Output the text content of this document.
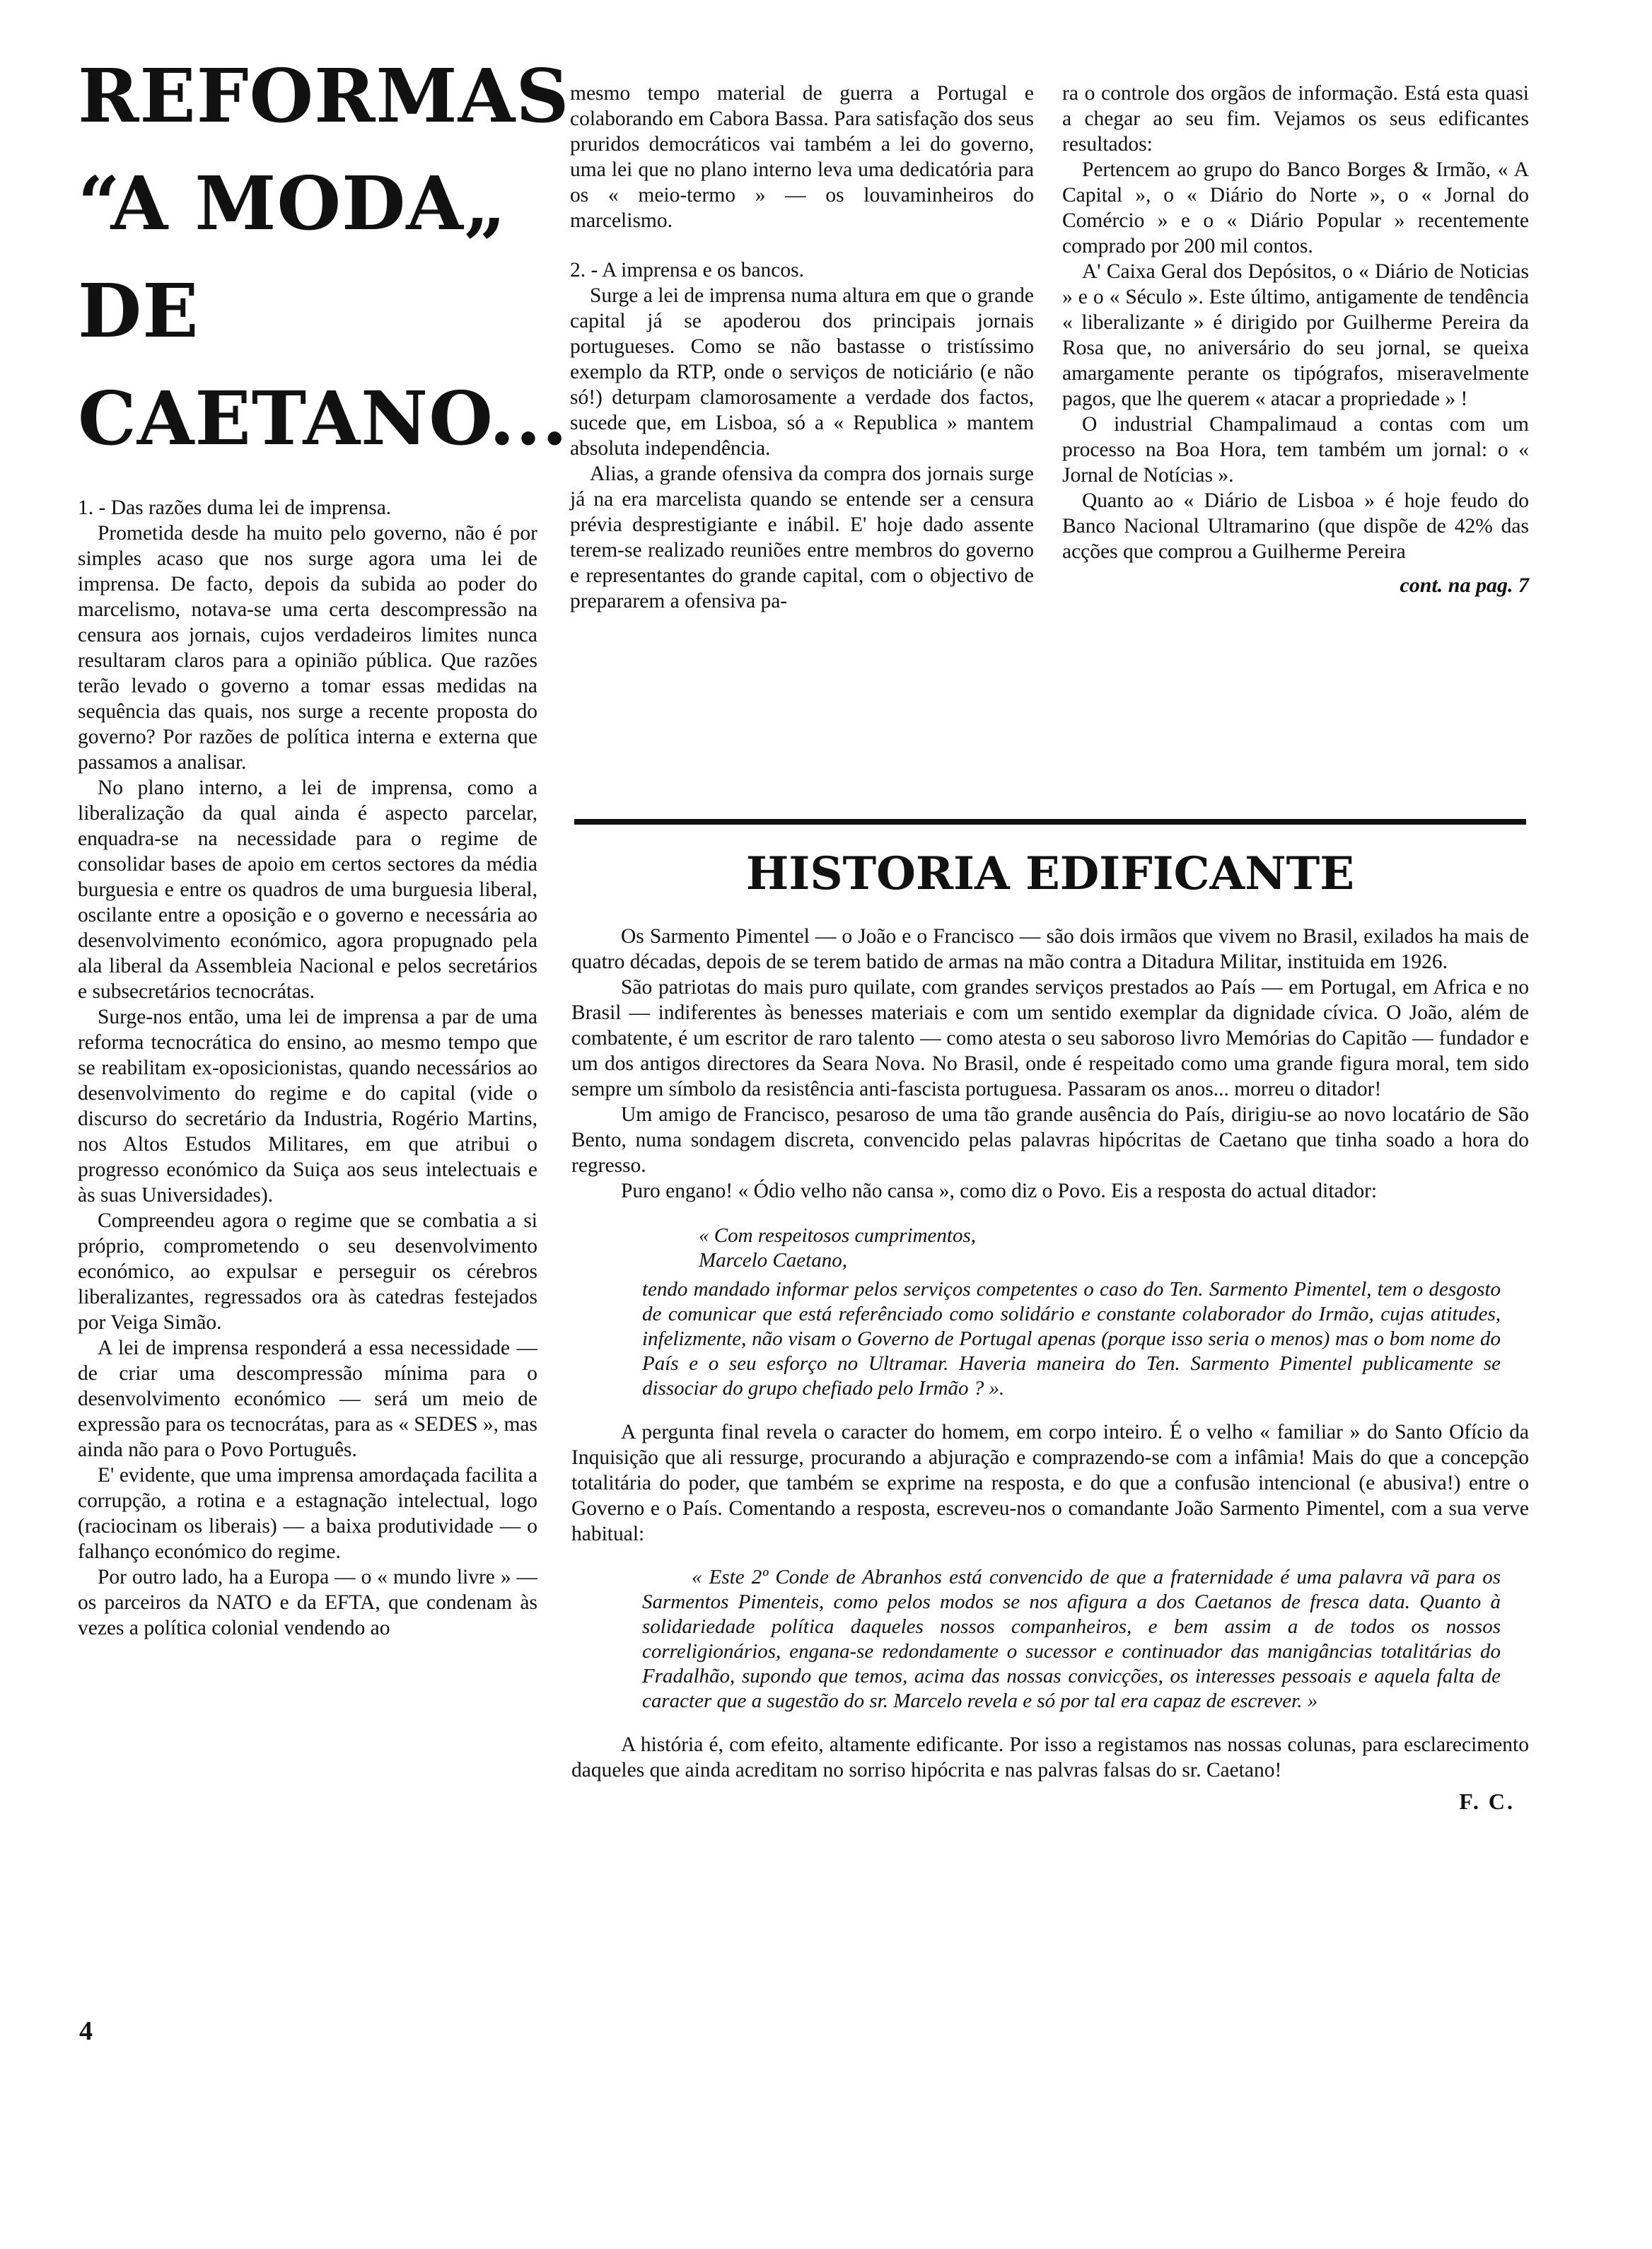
REFORMAS
“A MODA„
DE
CAETANO...

1. - Das razões duma lei de imprensa.

Prometida desde ha muito pelo governo, não é por simples acaso que nos surge agora uma lei de imprensa. De facto, depois da subida ao poder do marcelismo, notava-se uma certa descompressão na censura aos jornais, cujos verdadeiros limites nunca resultaram claros para a opinião pública. Que razões terão levado o governo a tomar essas medidas na sequência das quais, nos surge a recente proposta do governo? Por razões de política interna e externa que passamos a analisar.

No plano interno, a lei de imprensa, como a liberalização da qual ainda é aspecto parcelar, enquadra-se na necessidade para o regime de consolidar bases de apoio em certos sectores da média burguesia e entre os quadros de uma burguesia liberal, oscilante entre a oposição e o governo e necessária ao desenvolvimento económico, agora propugnado pela ala liberal da Assembleia Nacional e pelos secretários e subsecretários tecnocrátas.

Surge-nos então, uma lei de imprensa a par de uma reforma tecnocrática do ensino, ao mesmo tempo que se reabilitam ex-oposicionistas, quando necessários ao desenvolvimento do regime e do capital (vide o discurso do secretário da Industria, Rogério Martins, nos Altos Estudos Militares, em que atribui o progresso económico da Suiça aos seus intelectuais e às suas Universidades).

Compreendeu agora o regime que se combatia a si próprio, comprometendo o seu desenvolvimento económico, ao expulsar e perseguir os cérebros liberalizantes, regressados ora às catedras festejados por Veiga Simão.

A lei de imprensa responderá a essa necessidade — de criar uma descompressão mínima para o desenvolvimento económico — será um meio de expressão para os tecnocrátas, para as « SEDES », mas ainda não para o Povo Português.

E' evidente, que uma imprensa amordaçada facilita a corrupção, a rotina e a estagnação intelectual, logo (raciocinam os liberais) — a baixa produtividade — o falhanço económico do regime.

Por outro lado, ha a Europa — o « mundo livre » — os parceiros da NATO e da EFTA, que condenam às vezes a política colonial vendendo ao

mesmo tempo material de guerra a Portugal e colaborando em Cabora Bassa. Para satisfação dos seus pruridos democráticos vai também a lei do governo, uma lei que no plano interno leva uma dedicatória para os « meio-termo » — os louvaminheiros do marcelismo.

2. - A imprensa e os bancos.

Surge a lei de imprensa numa altura em que o grande capital já se apoderou dos principais jornais portugueses. Como se não bastasse o tristíssimo exemplo da RTP, onde o serviços de noticiário (e não só!) deturpam clamorosamente a verdade dos factos, sucede que, em Lisboa, só a « Republica » mantem absoluta independência.

Alias, a grande ofensiva da compra dos jornais surge já na era marcelista quando se entende ser a censura prévia desprestigiante e inábil. E' hoje dado assente terem-se realizado reuniões entre membros do governo e representantes do grande capital, com o objectivo de prepararem a ofensiva pa-

ra o controle dos orgãos de informação. Está esta quasi a chegar ao seu fim. Vejamos os seus edificantes resultados:

Pertencem ao grupo do Banco Borges & Irmão, « A Capital », o « Diário do Norte », o « Jornal do Comércio » e o « Diário Popular » recentemente comprado por 200 mil contos.

A' Caixa Geral dos Depósitos, o « Diário de Noticias » e o « Século ». Este último, antigamente de tendência « liberalizante » é dirigido por Guilherme Pereira da Rosa que, no aniversário do seu jornal, se queixa amargamente perante os tipógrafos, miseravelmente pagos, que lhe querem « atacar a propriedade » !

O industrial Champalimaud a contas com um processo na Boa Hora, tem também um jornal: o « Jornal de Notícias ».

Quanto ao « Diário de Lisboa » é hoje feudo do Banco Nacional Ultramarino (que dispõe de 42% das acções que comprou a Guilherme Pereira

cont. na pag. 7
HISTORIA EDIFICANTE

Os Sarmento Pimentel — o João e o Francisco — são dois irmãos que vivem no Brasil, exilados ha mais de quatro décadas, depois de se terem batido de armas na mão contra a Ditadura Militar, instituida em 1926.

São patriotas do mais puro quilate, com grandes serviços prestados ao País — em Portugal, em Africa e no Brasil — indiferentes às benesses materiais e com um sentido exemplar da dignidade cívica. O João, além de combatente, é um escritor de raro talento — como atesta o seu saboroso livro Memórias do Capitão — fundador e um dos antigos directores da Seara Nova. No Brasil, onde é respeitado como uma grande figura moral, tem sido sempre um símbolo da resistência anti-fascista portuguesa. Passaram os anos... morreu o ditador!

Um amigo de Francisco, pesaroso de uma tão grande ausência do País, dirigiu-se ao novo locatário de São Bento, numa sondagem discreta, convencido pelas palavras hipócritas de Caetano que tinha soado a hora do regresso.

Puro engano! « Ódio velho não cansa », como diz o Povo. Eis a resposta do actual ditador:

« Com respeitosos cumprimentos,

Marcelo Caetano,

tendo mandado informar pelos serviços competentes o caso do Ten. Sarmento Pimentel, tem o desgosto de comunicar que está referênciado como solidário e constante colaborador do Irmão, cujas atitudes, infelizmente, não visam o Governo de Portugal apenas (porque isso seria o menos) mas o bom nome do País e o seu esforço no Ultramar. Haveria maneira do Ten. Sarmento Pimentel publicamente se dissociar do grupo chefiado pelo Irmão ? ».

A pergunta final revela o caracter do homem, em corpo inteiro. É o velho « familiar » do Santo Ofício da Inquisição que ali ressurge, procurando a abjuração e comprazendo-se com a infâmia! Mais do que a concepção totalitária do poder, que também se exprime na resposta, e do que a confusão intencional (e abusiva!) entre o Governo e o País. Comentando a resposta, escreveu-nos o comandante João Sarmento Pimentel, com a sua verve habitual:

« Este 2º Conde de Abranhos está convencido de que a fraternidade é uma palavra vã para os Sarmentos Pimenteis, como pelos modos se nos afigura a dos Caetanos de fresca data. Quanto à solidariedade política daqueles nossos companheiros, e bem assim a de todos os nossos correligionários, engana-se redondamente o sucessor e continuador das manigâncias totalitárias do Fradalhão, supondo que temos, acima das nossas convicções, os interesses pessoais e aquela falta de caracter que a sugestão do sr. Marcelo revela e só por tal era capaz de escrever. »

A história é, com efeito, altamente edificante. Por isso a registamos nas nossas colunas, para esclarecimento daqueles que ainda acreditam no sorriso hipócrita e nas palvras falsas do sr. Caetano!

F. C.
4
